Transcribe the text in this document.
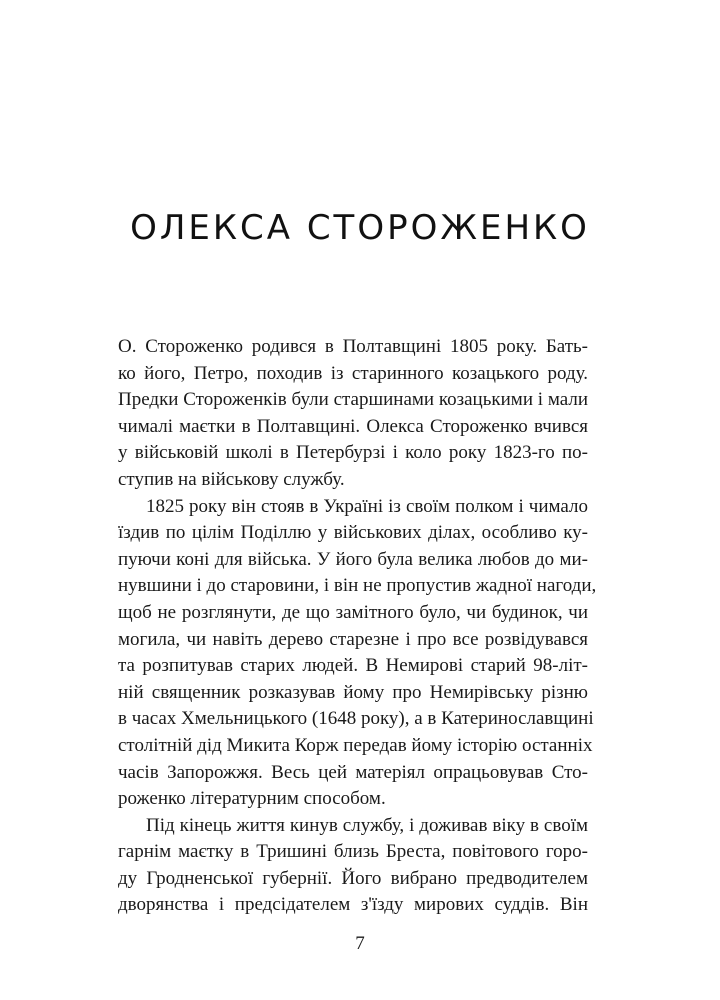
ОЛЕКСА СТОРОЖЕНКО
О. Стороженко родився в Полтавщині 1805 року. Бать-
ко його, Петро, походив із старинного козацького роду.
Предки Стороженків були старшинами козацькими і мали
чималі маєтки в Полтавщині. Олекса Стороженко вчився
у військовій школі в Петербурзі і коло року 1823-го по-
ступив на військову службу.
1825 року він стояв в Україні із своїм полком і чимало
їздив по цілім Поділлю у військових ділах, особливо ку-
пуючи коні для війська. У його була велика любов до ми-
нувшини і до старовини, і він не пропустив жадної нагоди,
щоб не розглянути, де що замітного було, чи будинок, чи
могила, чи навіть дерево старезне і про все розвідувався
та розпитував старих людей. В Немирові старий 98-літ-
ній священник розказував йому про Немирівську різню
в часах Хмельницького (1648 року), а в Катеринославщині
столітній дід Микита Корж передав йому історію останніх
часів Запорожжя. Весь цей матеріял опрацьовував Сто-
роженко літературним способом.
Під кінець життя кинув службу, і доживав віку в своїм
гарнім маєтку в Тришині близь Бреста, повітового горо-
ду Гродненської губернії. Його вибрано предводителем
дворянства і предсідателем з'їзду мирових суддів. Він
7
